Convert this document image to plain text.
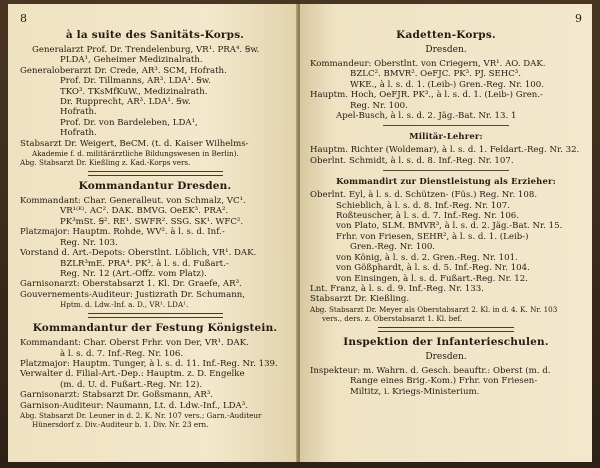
8
à la suite des Sanitäts-Korps.
Generalarzt Prof. Dr. Trendelenburg, VR¹. PRA⁴. Ꞩw.
PLDA¹, Geheimer Medizinalrath.
Generaloberarzt Dr. Crede, AR³. SCM, Hofrath.
Prof. Dr. Tillmanns, AR³. LDA¹. Ꞩw.
TKO³. TKsMfKuW., Medizinalrath.
Dr. Rupprecht, AR³. LDA¹. Ꞩw.
Hofrath.
Prof. Dr. von Bardeleben, LDA¹,
Hofrath.
Stabsarzt Dr. Weigert, BeCM. (t. d. Kaiser Wilhelms-
Akademie f. d. militärärztliche Bildungswesen in Berlin).
Abg. Stabsarzt Dr. Kießling z. Kad.-Korps vers.
Kommandantur Dresden.
Kommandant: Char. Generalleut. von Schmalz, VC¹.
VR¹⁽ᴷ⁾. AC². DAK. BMVG. OeEK³. PRA².
PK³mSt. Ꞩ². RE¹. SWFR². SSG. SK¹. WFC².
Platzmajor: Hauptm. Rohde, WV². à l. s. d. Inf.-
Reg. Nr. 103.
Vorstand d. Art.-Depots: Oberstlnt. Löblich, VR¹. DAK.
BZLR³mE. PRA⁴. PK³. à l. s. d. Fußart.-
Reg. Nr. 12 (Art.-Offz. vom Platz).
Garnisonarzt: Oberstabsarzt 1. Kl. Dr. Graefe, AR³.
Gouvernements-Auditeur: Justizrath Dr. Schumann,
Hptm. d. Ldw.-Inf. a. D., VR¹. LDA¹.
Kommandantur der Festung Königstein.
Kommandant: Char. Oberst Frhr. von Der, VR¹. DAK.
à l. s. d. 7. Inf.-Reg. Nr. 106.
Platzmajor: Hauptm. Tunger, à l. s. d. 11. Inf.-Reg. Nr. 139.
Verwalter d. Filial-Art.-Dep.: Hauptm. z. D. Engelke
(m. d. U. d. Fußart.-Reg. Nr. 12).
Garnisonarzt: Stabsarzt Dr. Goßsmann, AR³.
Garnison-Auditeur: Naumann, Lt. d. Ldw.-Inf., LDA³.
Abg. Stabsarzt Dr. Leuner in d. 2. K. Nr. 107 vers.; Garn.-Auditeur
Hünersdorf z. Div.-Auditeur b. 1. Div. Nr. 23 ern.
9
Kadetten-Korps.
Dresden.
Kommandeur: Oberstlnt. von Criegern, VR¹. AO. DAK.
BZLC². BMVR². OeFJC. PK³. PJ. SEHC³.
WKE., à l. s. d. 1. (Leib-) Gren.-Reg. Nr. 100.
Hauptm. Hoch, OeFJR. PK³., à l. s. d. 1. (Leib-) Gren.-
Reg. Nr. 100.
Apel-Busch, à l. s. d. 2. Jäg.-Bat. Nr. 13. 1
Militär-Lehrer:
Hauptm. Richter (Woldemar), à l. s. d. 1. Feldart.-Reg. Nr. 32.
Oberlnt. Schmidt, à l. s. d. 8. Inf.-Reg. Nr. 107.
Kommandirt zur Dienstleistung als Erzieher:
Oberlnt. Eyl, à l. s. d. Schützen- (Füs.) Reg. Nr. 108.
Schieblich, à l. s. d. 8. Inf.-Reg. Nr. 107.
Roßteuscher, à l. s. d. 7. Inf.-Reg. Nr. 106.
von Plato, SLM. BMVR³, à l. s. d. 2. Jäg.-Bat. Nr. 15.
Frhr. von Friesen, SEHR², à l. s. d. 1. (Leib-)
Gren.-Reg. Nr. 100.
von König, à l. s. d. 2. Gren.-Reg. Nr. 101.
von Gößphardt, à l. s. d. 5. Inf.-Reg. Nr. 104.
von Einsingen, à l. s. d. Fußart.-Reg. Nr. 12.
Lnt. Franz, à l. s. d. 9. Inf.-Reg. Nr. 133.
Stabsarzt Dr. Kießling.
Abg. Stabsarzt Dr. Meyer als Oberstabsarzt 2. Kl. in d. 4. K. Nr. 103
vers., ders. z. Oberstabsarzt 1. Kl. bef.
Inspektion der Infanterieschulen.
Dresden.
Inspekteur: m. Wahrn. d. Gesch. beauftr.: Oberst (m. d.
Range eines Brig.-Kom.) Frhr. von Friesen-
Miltitz, i. Kriegs-Ministerium.
